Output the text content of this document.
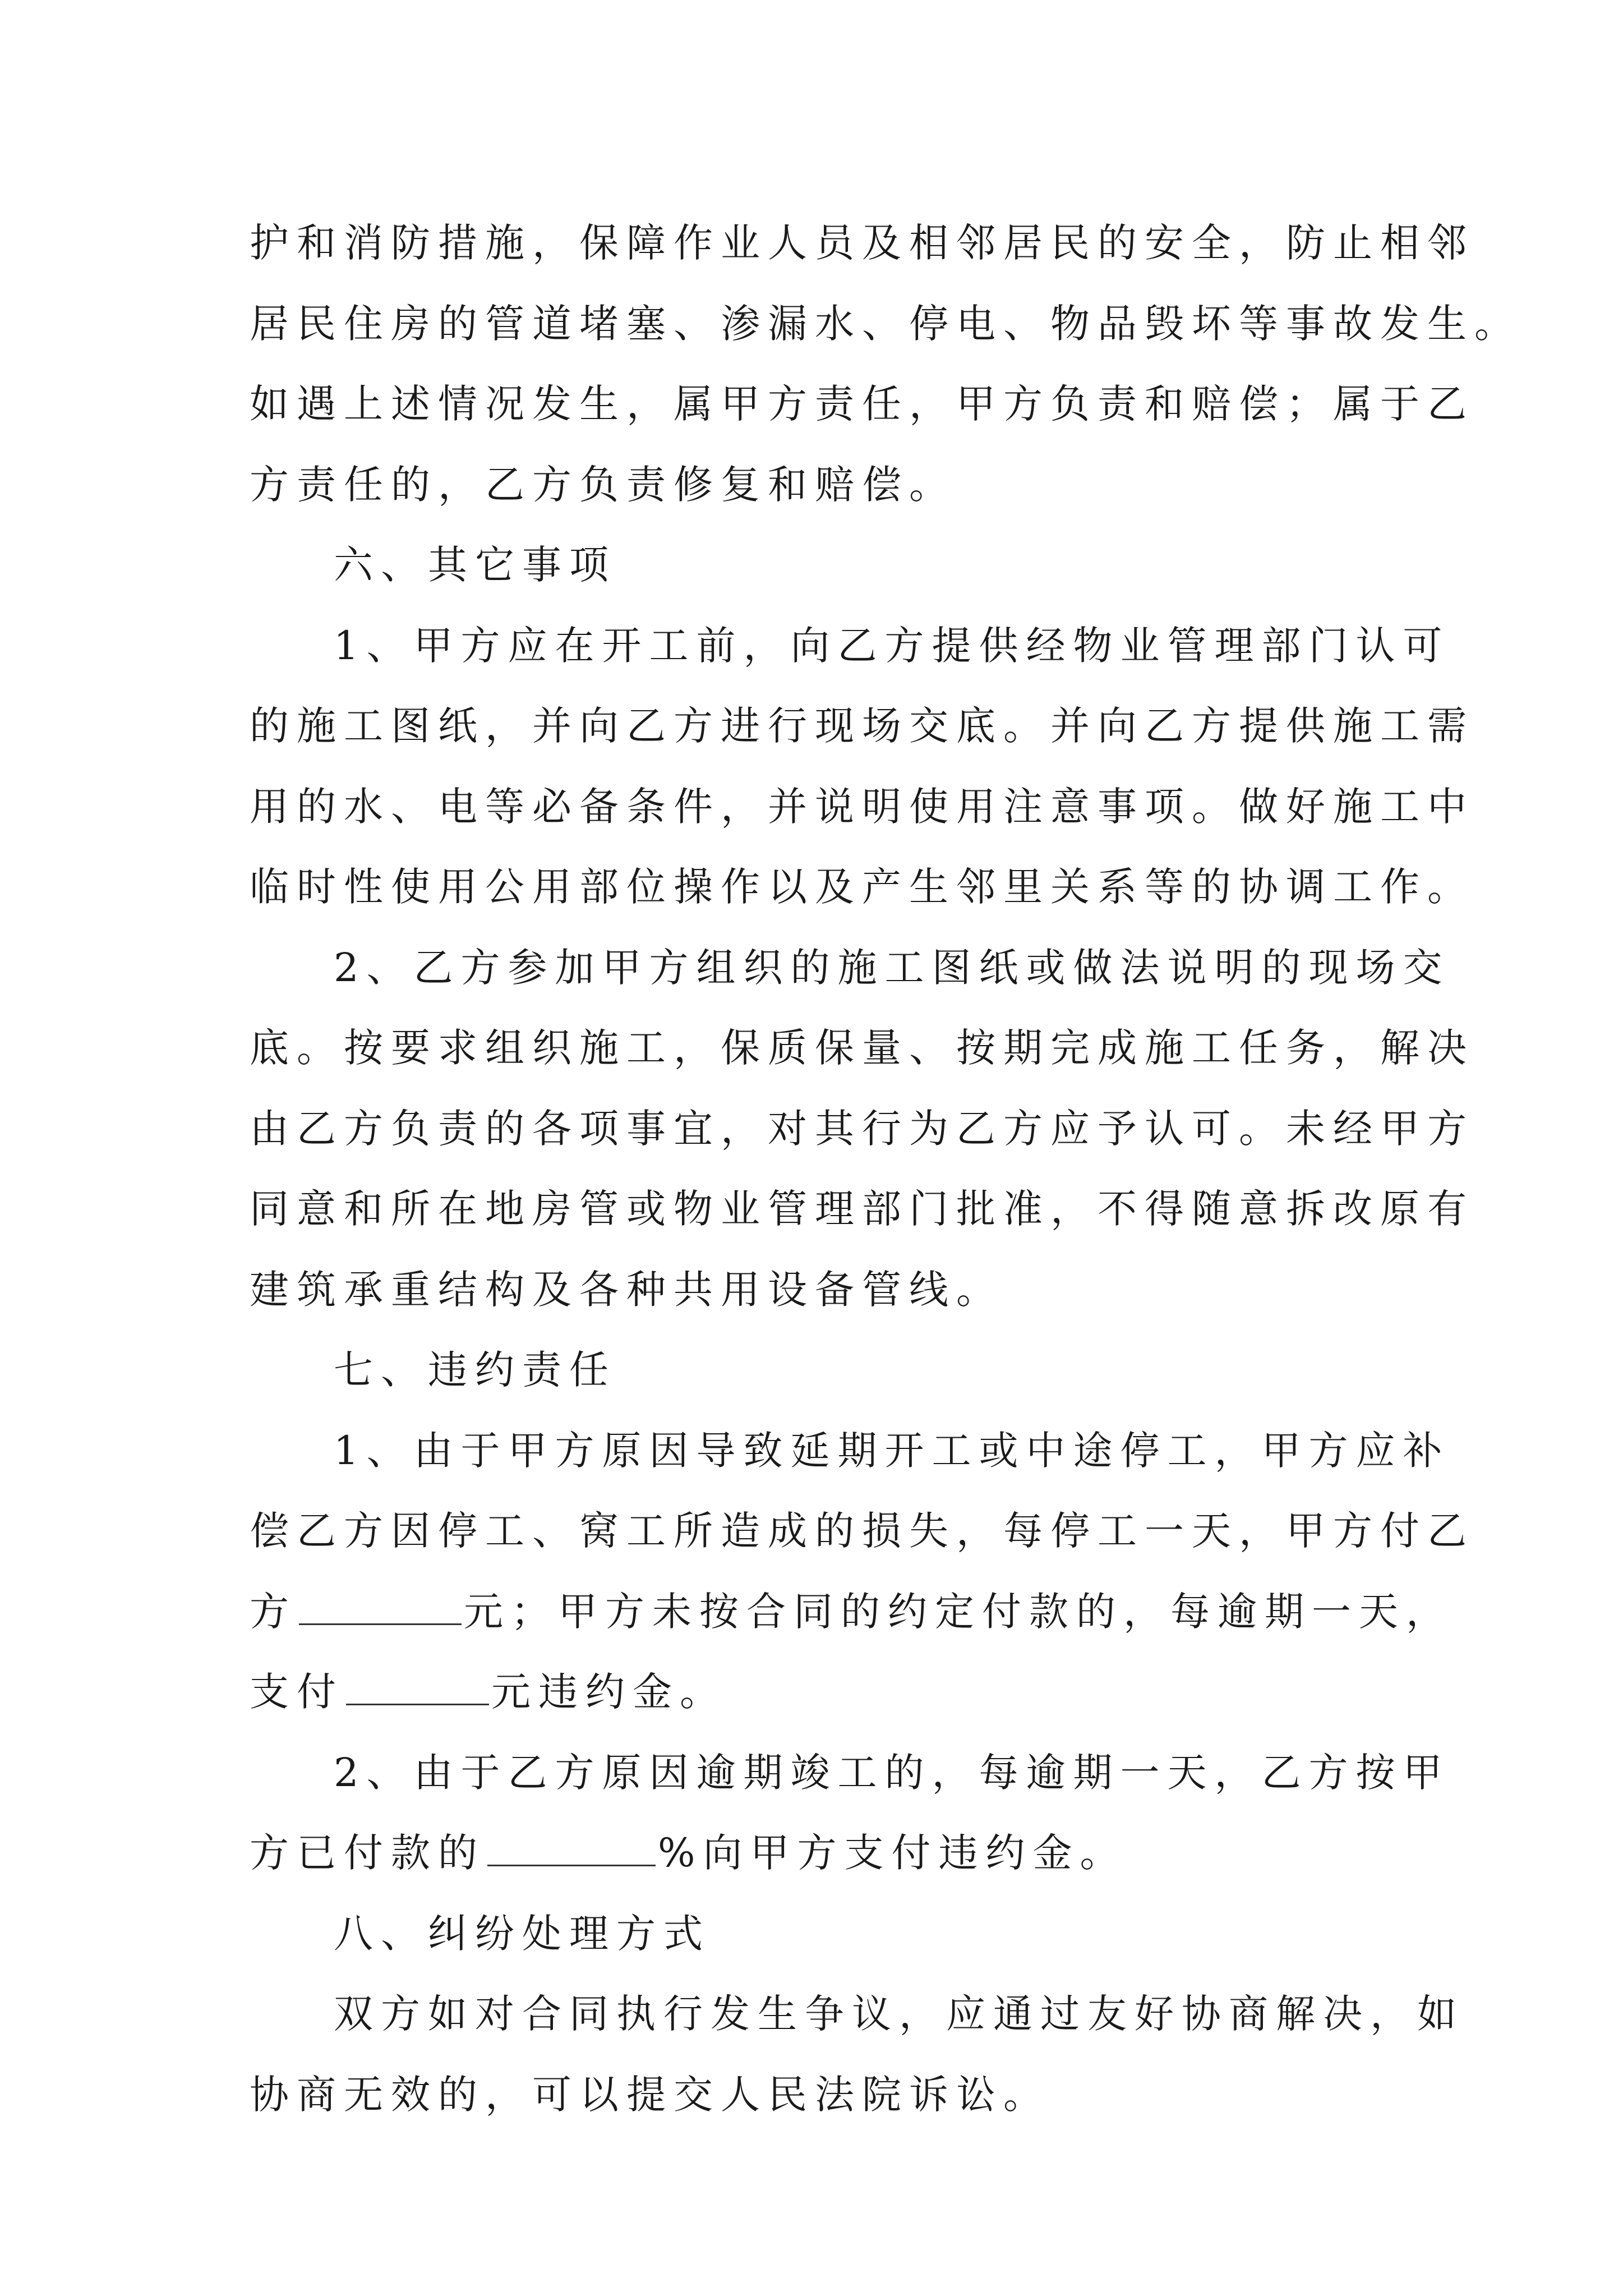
护和消防措施，保障作业人员及相邻居民的安全，防止相邻
居民住房的管道堵塞、渗漏水、停电、物品毁坏等事故发生。
如遇上述情况发生，属甲方责任，甲方负责和赔偿；属于乙
方责任的，乙方负责修复和赔偿。

六、其它事项

1、甲方应在开工前，向乙方提供经物业管理部门认可
的施工图纸，并向乙方进行现场交底。并向乙方提供施工需
用的水、电等必备条件，并说明使用注意事项。做好施工中
临时性使用公用部位操作以及产生邻里关系等的协调工作。

2、乙方参加甲方组织的施工图纸或做法说明的现场交
底。按要求组织施工，保质保量、按期完成施工任务，解决
由乙方负责的各项事宜，对其行为乙方应予认可。未经甲方
同意和所在地房管或物业管理部门批准，不得随意拆改原有
建筑承重结构及各种共用设备管线。

七、违约责任

1、由于甲方原因导致延期开工或中途停工，甲方应补
偿乙方因停工、窝工所造成的损失，每停工一天，甲方付乙
方	元；甲方未按合同的约定付款的，每逾期一天，
支付	元违约金。

2、由于乙方原因逾期竣工的，每逾期一天，乙方按甲
方已付款的	%向甲方支付违约金。

八、纠纷处理方式

双方如对合同执行发生争议，应通过友好协商解决，如
协商无效的，可以提交人民法院诉讼。
